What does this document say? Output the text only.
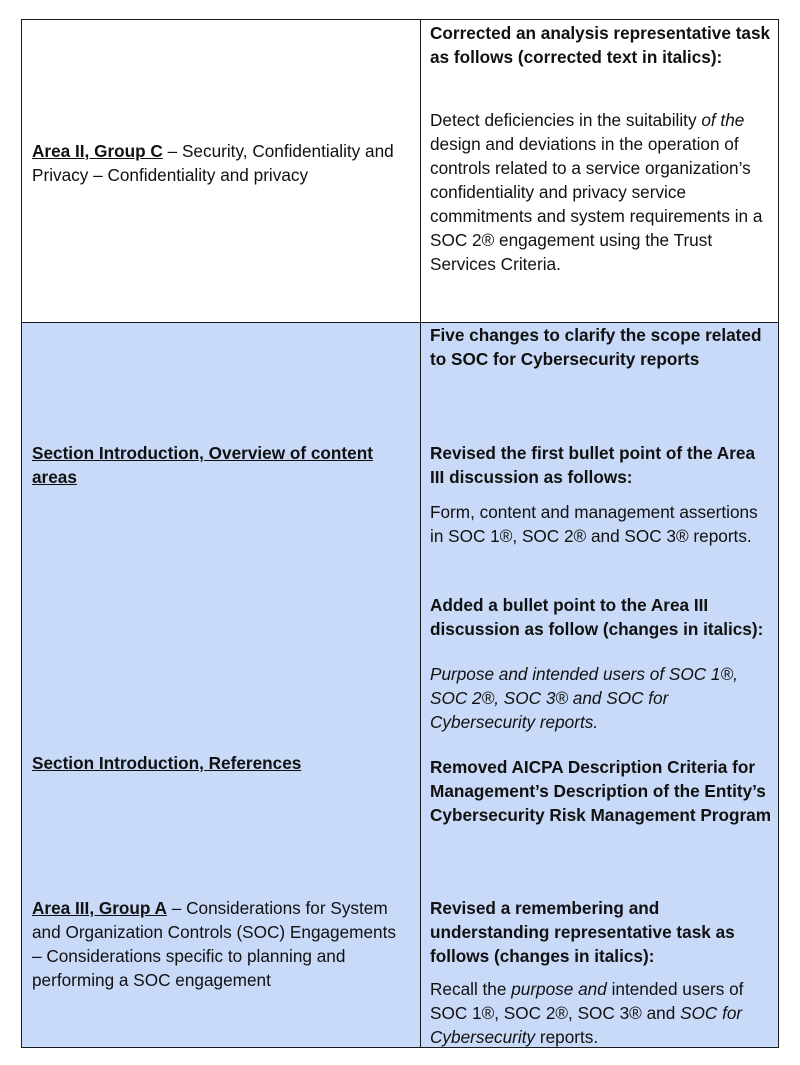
Area II, Group C – Security, Confidentiality and Privacy – Confidentiality and privacy

Corrected an analysis representative task as follows (corrected text in italics):

Detect deficiencies in the suitability of the design and deviations in the operation of controls related to a service organization’s confidentiality and privacy service commitments and system requirements in a SOC 2® engagement using the Trust Services Criteria.

Section Introduction, Overview of content areas

Section Introduction, References

Area III, Group A – Considerations for System and Organization Controls (SOC) Engagements – Considerations specific to planning and performing a SOC engagement

Five changes to clarify the scope related to SOC for Cybersecurity reports

Revised the first bullet point of the Area III discussion as follows:

Form, content and management assertions in SOC 1®, SOC 2® and SOC 3® reports.

Added a bullet point to the Area III discussion as follow (changes in italics):

Purpose and intended users of SOC 1®, SOC 2®, SOC 3® and SOC for Cybersecurity reports.

Removed AICPA Description Criteria for Management’s Description of the Entity’s Cybersecurity Risk Management Program

Revised a remembering and understanding representative task as follows (changes in italics):

Recall the purpose and intended users of SOC 1®, SOC 2®, SOC 3® and SOC for Cybersecurity reports.
